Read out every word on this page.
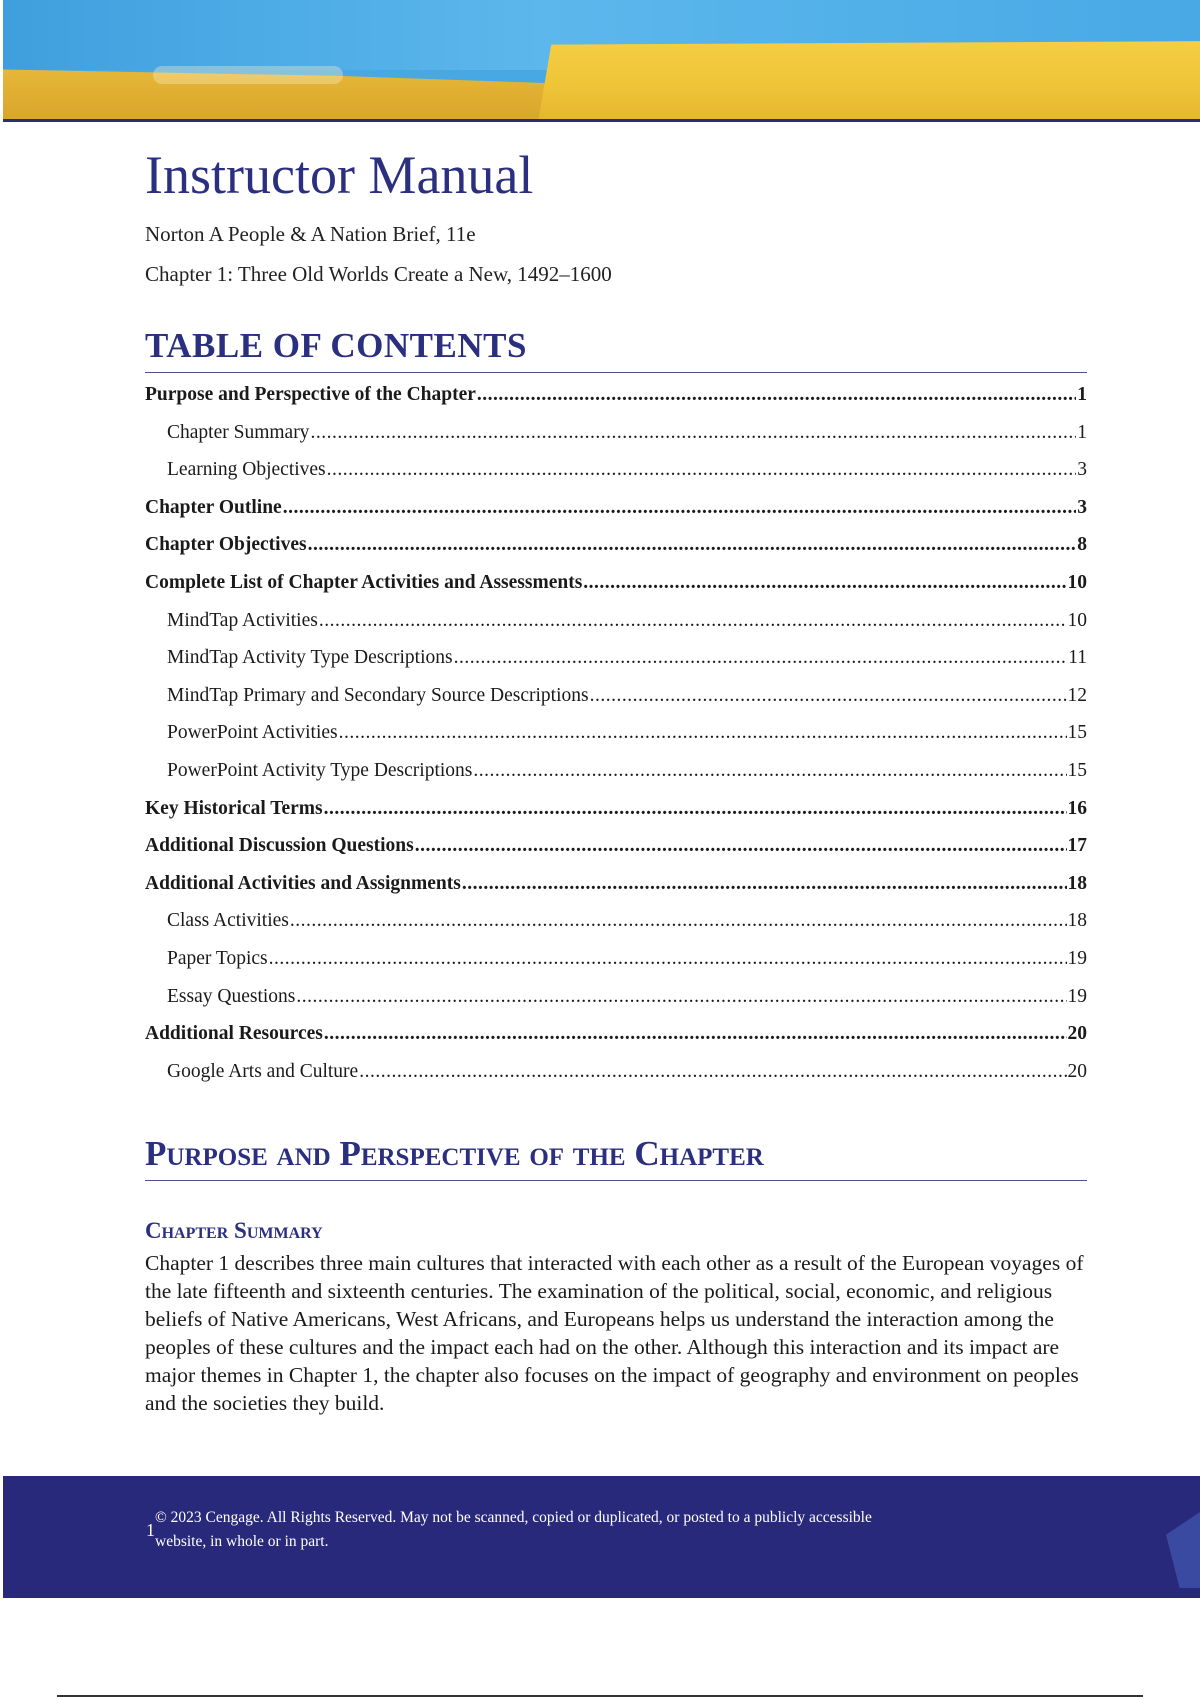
Instructor Manual

Norton A People & A Nation Brief, 11e

Chapter 1: Three Old Worlds Create a New, 1492–1600

TABLE OF CONTENTS
Purpose and Perspective of the Chapter .....	1
Chapter Summary .....	1
Learning Objectives .....	3
Chapter Outline .....	3
Chapter Objectives .....	8
Complete List of Chapter Activities and Assessments .....	10
MindTap Activities .....	10
MindTap Activity Type Descriptions .....	11
MindTap Primary and Secondary Source Descriptions .....	12
PowerPoint Activities .....	15
PowerPoint Activity Type Descriptions .....	15
Key Historical Terms .....	16
Additional Discussion Questions .....	17
Additional Activities and Assignments .....	18
Class Activities .....	18
Paper Topics .....	19
Essay Questions .....	19
Additional Resources .....	20
Google Arts and Culture .....	20
Purpose and Perspective of the Chapter
Chapter Summary

Chapter 1 describes three main cultures that interacted with each other as a result of the European voyages of the late fifteenth and sixteenth centuries. The examination of the political, social, economic, and religious beliefs of Native Americans, West Africans, and Europeans helps us understand the interaction among the peoples of these cultures and the impact each had on the other. Although this interaction and its impact are major themes in Chapter 1, the chapter also focuses on the impact of geography and environment on peoples and the societies they build.

1

© 2023 Cengage. All Rights Reserved. May not be scanned, copied or duplicated, or posted to a publicly accessible website, in whole or in part.
